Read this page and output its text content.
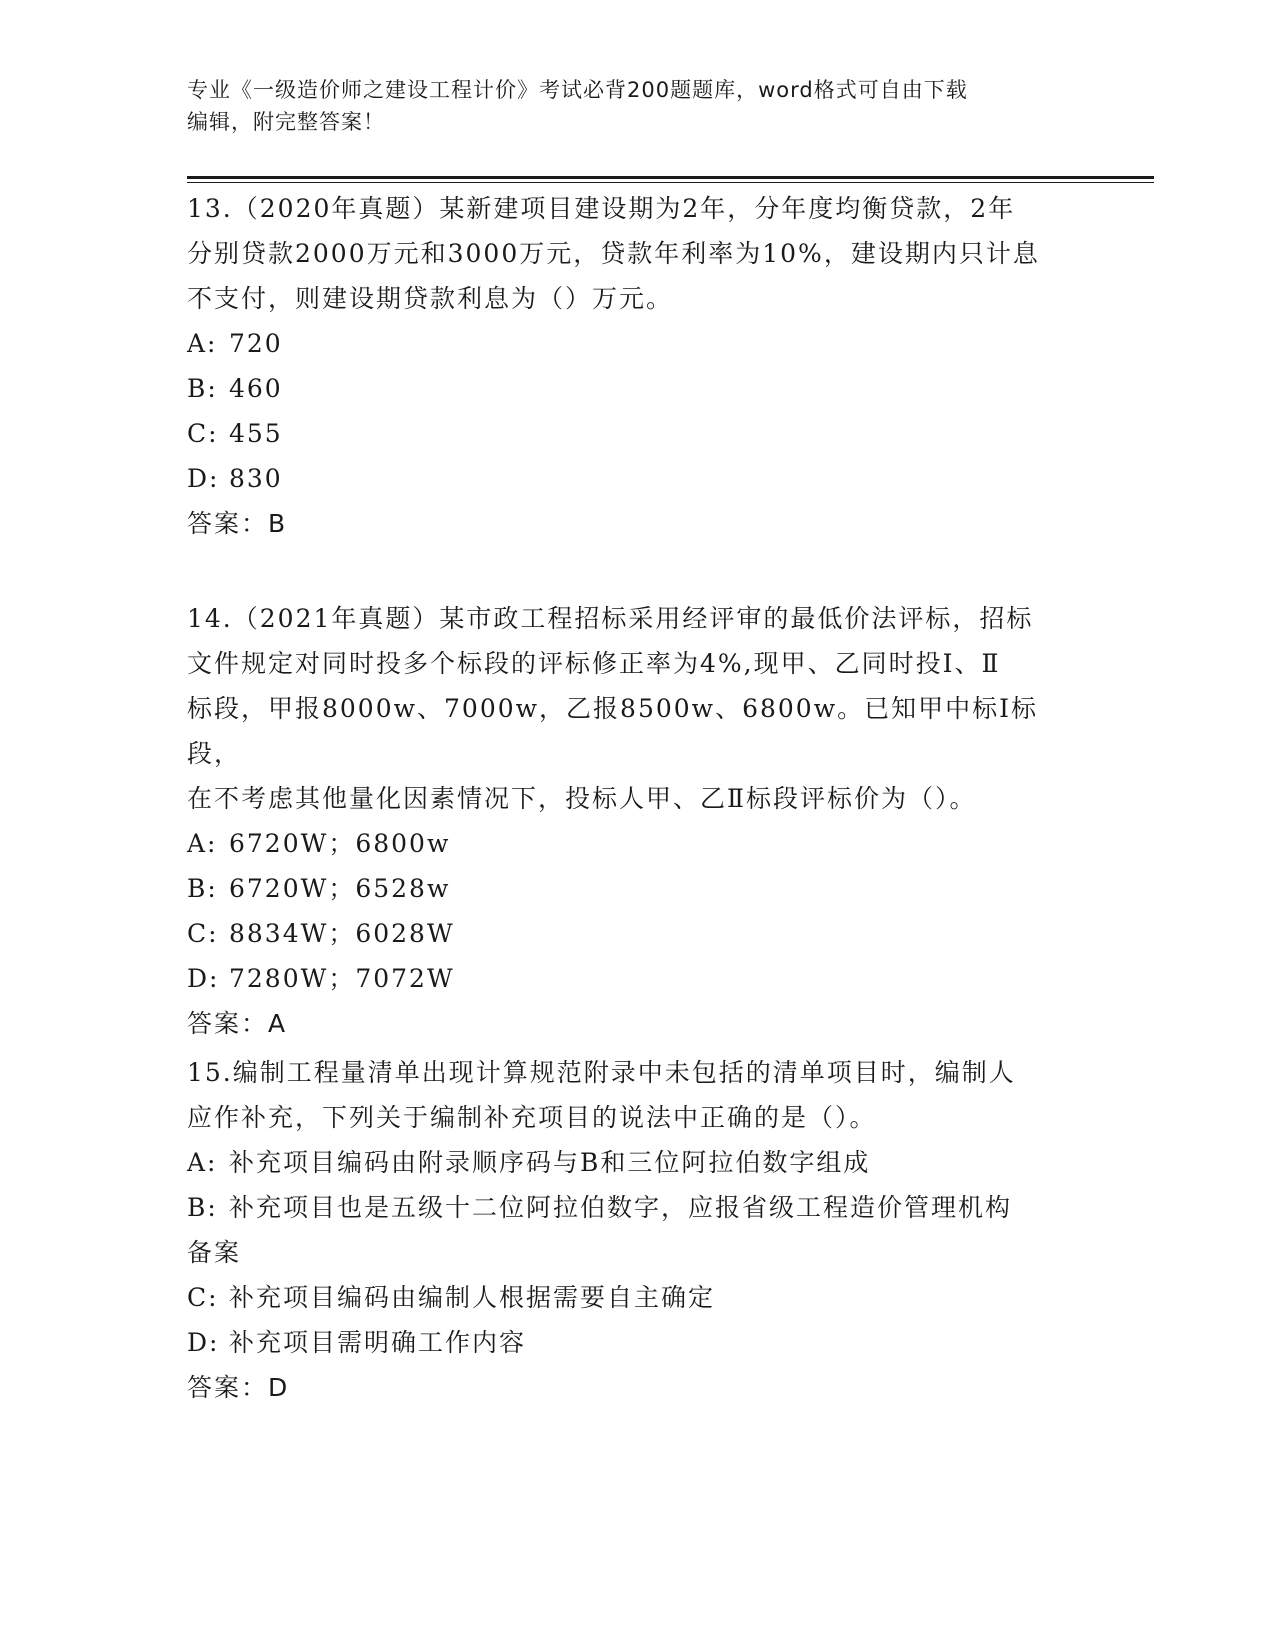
专业《一级造价师之建设工程计价》考试必背200题题库，word格式可自由下载
编辑，附完整答案！

13.（2020年真题）某新建项目建设期为2年，分年度均衡贷款，2年

分别贷款2000万元和3000万元，贷款年利率为10%，建设期内只计息

不支付，则建设期贷款利息为（）万元。

A: 720

B: 460

C: 455

D: 830

答案：B

14.（2021年真题）某市政工程招标采用经评审的最低价法评标，招标

文件规定对同时投多个标段的评标修正率为4%,现甲、乙同时投Ⅰ、Ⅱ

标段，甲报8000w、7000w，乙报8500w、6800w。已知甲中标Ⅰ标段，

在不考虑其他量化因素情况下，投标人甲、乙Ⅱ标段评标价为（）。

A: 6720W；6800w

B: 6720W；6528w

C: 8834W；6028W

D: 7280W；7072W

答案：A

15.编制工程量清单出现计算规范附录中未包括的清单项目时，编制人

应作补充，下列关于编制补充项目的说法中正确的是（）。

A: 补充项目编码由附录顺序码与B和三位阿拉伯数字组成

B: 补充项目也是五级十二位阿拉伯数字，应报省级工程造价管理机构

备案

C: 补充项目编码由编制人根据需要自主确定

D: 补充项目需明确工作内容

答案：D
